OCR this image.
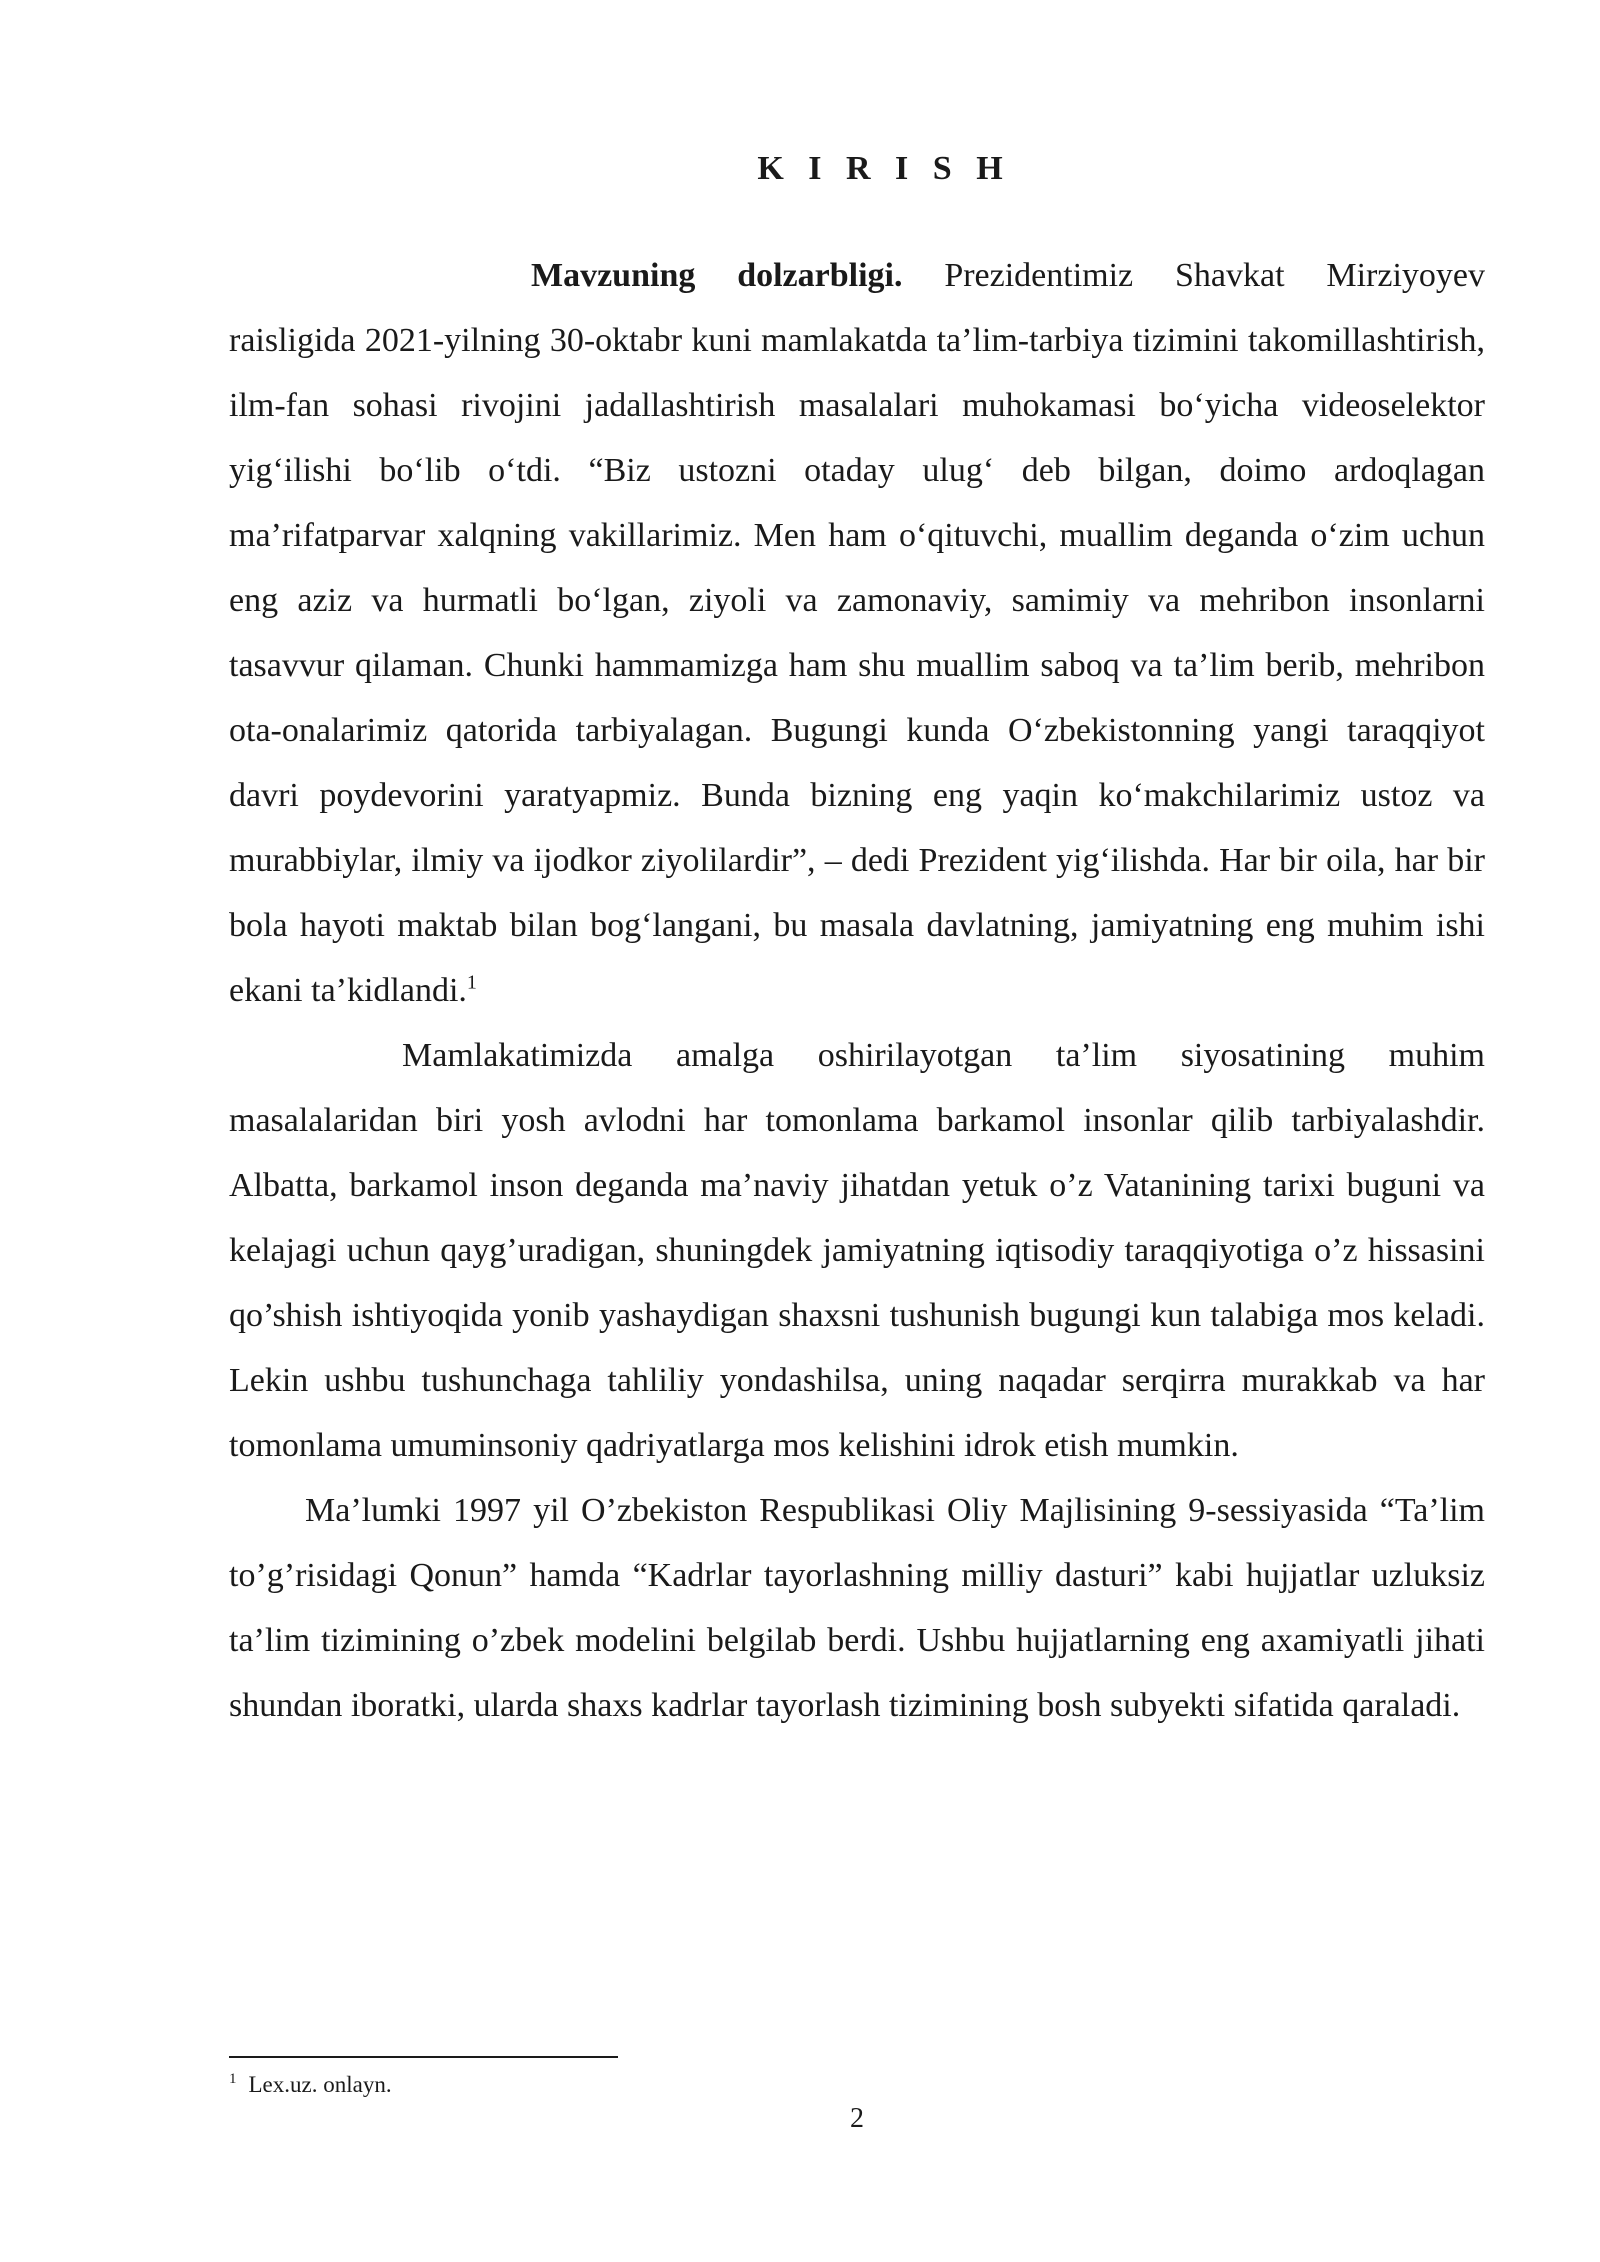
K I R I S H

Mavzuning dolzarbligi. Prezidentimiz Shavkat Mirziyoyev raisligida 2021-yilning 30-oktabr kuni mamlakatda ta’lim-tarbiya tizimini takomillashtirish, ilm-fan sohasi rivojini jadallashtirish masalalari muhokamasi bo‘yicha videoselektor yig‘ilishi bo‘lib o‘tdi. “Biz ustozni otaday ulug‘ deb bilgan, doimo ardoqlagan ma’rifatparvar xalqning vakillarimiz. Men ham o‘qituvchi, muallim deganda o‘zim uchun eng aziz va hurmatli bo‘lgan, ziyoli va zamonaviy, samimiy va mehribon insonlarni tasavvur qilaman. Chunki hammamizga ham shu muallim saboq va ta’lim berib, mehribon ota-onalarimiz qatorida tarbiyalagan. Bugungi kunda O‘zbekistonning yangi taraqqiyot davri poydevorini yaratyapmiz. Bunda bizning eng yaqin ko‘makchilarimiz ustoz va murabbiylar, ilmiy va ijodkor ziyolilardir”, – dedi Prezident yig‘ilishda. Har bir oila, har bir bola hayoti maktab bilan bog‘langani, bu masala davlatning, jamiyatning eng muhim ishi ekani ta’kidlandi.$^1$

Mamlakatimizda amalga oshirilayotgan ta’lim siyosatining muhim masalalaridan biri yosh avlodni har tomonlama barkamol insonlar qilib tarbiyalashdir. Albatta, barkamol inson deganda ma’naviy jihatdan yetuk o’z Vatanining tarixi buguni va kelajagi uchun qayg’uradigan, shuningdek jamiyatning iqtisodiy taraqqiyotiga o’z hissasini qo’shish ishtiyoqida yonib yashaydigan shaxsni tushunish bugungi kun talabiga mos keladi. Lekin ushbu tushunchaga tahliliy yondashilsa, uning naqadar serqirra murakkab va har tomonlama umuminsoniy qadriyatlarga mos kelishini idrok etish mumkin.

Ma’lumki 1997 yil O’zbekiston Respublikasi Oliy Majlisining 9-sessiyasida “Ta’lim to’g’risidagi Qonun” hamda “Kadrlar tayorlashning milliy dasturi” kabi hujjatlar uzluksiz ta’lim tizimining o’zbek modelini belgilab berdi. Ushbu hujjatlarning eng axamiyatli jihati shundan iboratki, ularda shaxs kadrlar tayorlash tizimining bosh subyekti sifatida qaraladi.

$^1$ Lex.uz. onlayn.
2
